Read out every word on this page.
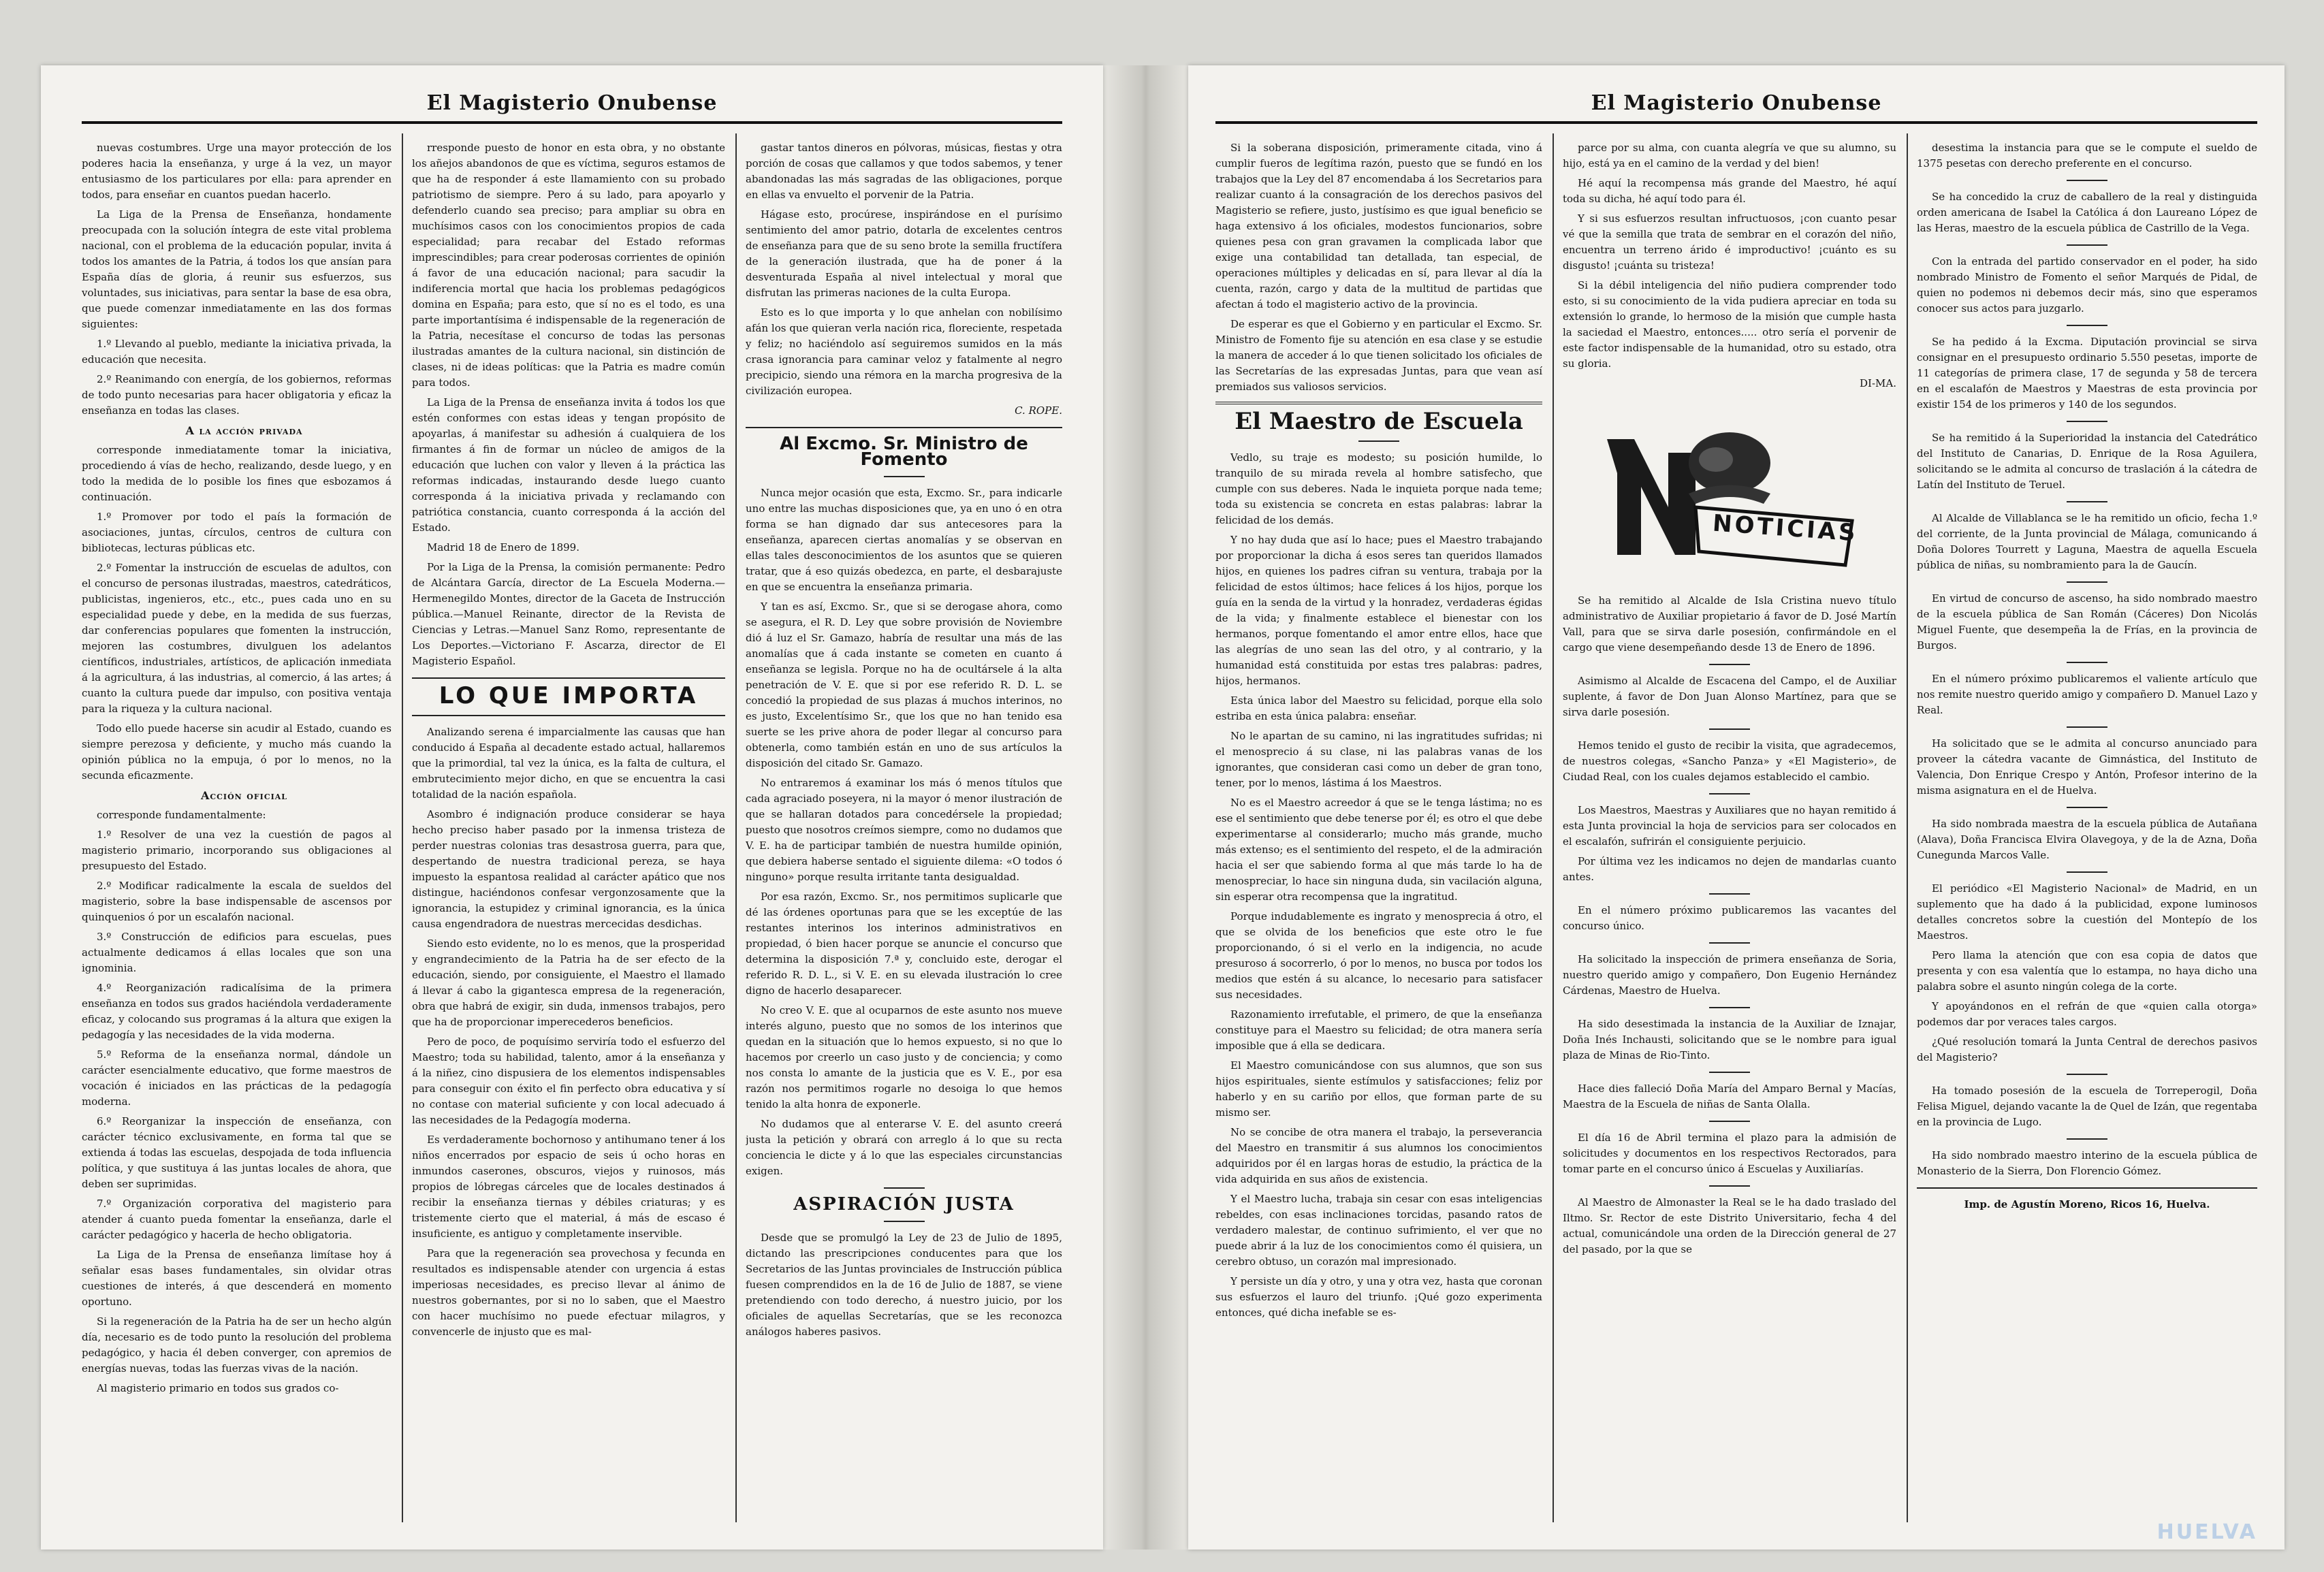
El Magisterio Onubense

nuevas costumbres. Urge una mayor protección de los poderes hacia la enseñanza, y urge á la vez, un mayor entusiasmo de los particulares por ella: para aprender en todos, para enseñar en cuantos puedan hacerlo.

La Liga de la Prensa de Enseñanza, hondamente preocupada con la solución íntegra de este vital problema nacional, con el problema de la educación popular, invita á todos los amantes de la Patria, á todos los que ansían para España días de gloria, á reunir sus esfuerzos, sus voluntades, sus iniciativas, para sentar la base de esa obra, que puede comenzar inmediatamente en las dos formas siguientes:

1.º Llevando al pueblo, mediante la iniciativa privada, la educación que necesita.

2.º Reanimando con energía, de los gobiernos, reformas de todo punto necesarias para hacer obligatoria y eficaz la enseñanza en todas las clases.

A la acción privada

corresponde inmediatamente tomar la iniciativa, procediendo á vías de hecho, realizando, desde luego, y en todo la medida de lo posible los fines que esbozamos á continuación.

1.º Promover por todo el país la formación de asociaciones, juntas, círculos, centros de cultura con bibliotecas, lecturas públicas etc.

2.º Fomentar la instrucción de escuelas de adultos, con el concurso de personas ilustradas, maestros, catedráticos, publicistas, ingenieros, etc., etc., pues cada uno en su especialidad puede y debe, en la medida de sus fuerzas, dar conferencias populares que fomenten la instrucción, mejoren las costumbres, divulguen los adelantos científicos, industriales, artísticos, de aplicación inmediata á la agricultura, á las industrias, al comercio, á las artes; á cuanto la cultura puede dar impulso, con positiva ventaja para la riqueza y la cultura nacional.

Todo ello puede hacerse sin acudir al Estado, cuando es siempre perezosa y deficiente, y mucho más cuando la opinión pública no la empuja, ó por lo menos, no la secunda eficazmente.

Acción oficial

corresponde fundamentalmente:

1.º Resolver de una vez la cuestión de pagos al magisterio primario, incorporando sus obligaciones al presupuesto del Estado.

2.º Modificar radicalmente la escala de sueldos del magisterio, sobre la base indispensable de ascensos por quinquenios ó por un escalafón nacional.

3.º Construcción de edificios para escuelas, pues actualmente dedicamos á ellas locales que son una ignominia.

4.º Reorganización radicalísima de la primera enseñanza en todos sus grados haciéndola verdaderamente eficaz, y colocando sus programas á la altura que exigen la pedagogía y las necesidades de la vida moderna.

5.º Reforma de la enseñanza normal, dándole un carácter esencialmente educativo, que forme maestros de vocación é iniciados en las prácticas de la pedagogía moderna.

6.º Reorganizar la inspección de enseñanza, con carácter técnico exclusivamente, en forma tal que se extienda á todas las escuelas, despojada de toda influencia política, y que sustituya á las juntas locales de ahora, que deben ser suprimidas.

7.º Organización corporativa del magisterio para atender á cuanto pueda fomentar la enseñanza, darle el carácter pedagógico y hacerla de hecho obligatoria.

La Liga de la Prensa de enseñanza limítase hoy á señalar esas bases fundamentales, sin olvidar otras cuestiones de interés, á que descenderá en momento oportuno.

Si la regeneración de la Patria ha de ser un hecho algún día, necesario es de todo punto la resolución del problema pedagógico, y hacia él deben converger, con apremios de energías nuevas, todas las fuerzas vivas de la nación.

Al magisterio primario en todos sus grados co-

rresponde puesto de honor en esta obra, y no obstante los añejos abandonos de que es víctima, seguros estamos de que ha de responder á este llamamiento con su probado patriotismo de siempre. Pero á su lado, para apoyarlo y defenderlo cuando sea preciso; para ampliar su obra en muchísimos casos con los conocimientos propios de cada especialidad; para recabar del Estado reformas imprescindibles; para crear poderosas corrientes de opinión á favor de una educación nacional; para sacudir la indiferencia mortal que hacia los problemas pedagógicos domina en España; para esto, que sí no es el todo, es una parte importantísima é indispensable de la regeneración de la Patria, necesítase el concurso de todas las personas ilustradas amantes de la cultura nacional, sin distinción de clases, ni de ideas políticas: que la Patria es madre común para todos.

La Liga de la Prensa de enseñanza invita á todos los que estén conformes con estas ideas y tengan propósito de apoyarlas, á manifestar su adhesión á cualquiera de los firmantes á fin de formar un núcleo de amigos de la educación que luchen con valor y lleven á la práctica las reformas indicadas, instaurando desde luego cuanto corresponda á la iniciativa privada y reclamando con patriótica constancia, cuanto corresponda á la acción del Estado.

Madrid 18 de Enero de 1899.

Por la Liga de la Prensa, la comisión permanente: Pedro de Alcántara García, director de La Escuela Moderna.—Hermenegildo Montes, director de la Gaceta de Instrucción pública.—Manuel Reinante, director de la Revista de Ciencias y Letras.—Manuel Sanz Romo, representante de Los Deportes.—Victoriano F. Ascarza, director de El Magisterio Español.

LO QUE IMPORTA

Analizando serena é imparcialmente las causas que han conducido á España al decadente estado actual, hallaremos que la primordial, tal vez la única, es la falta de cultura, el embrutecimiento mejor dicho, en que se encuentra la casi totalidad de la nación española.

Asombro é indignación produce considerar se haya hecho preciso haber pasado por la inmensa tristeza de perder nuestras colonias tras desastrosa guerra, para que, despertando de nuestra tradicional pereza, se haya impuesto la espantosa realidad al carácter apático que nos distingue, haciéndonos confesar vergonzosamente que la ignorancia, la estupidez y criminal ignorancia, es la única causa engendradora de nuestras mercecidas desdichas.

Siendo esto evidente, no lo es menos, que la prosperidad y engrandecimiento de la Patria ha de ser efecto de la educación, siendo, por consiguiente, el Maestro el llamado á llevar á cabo la gigantesca empresa de la regeneración, obra que habrá de exigir, sin duda, inmensos trabajos, pero que ha de proporcionar imperecederos beneficios.

Pero de poco, de poquísimo serviría todo el esfuerzo del Maestro; toda su habilidad, talento, amor á la enseñanza y á la niñez, cino dispusiera de los elementos indispensables para conseguir con éxito el fin perfecto obra educativa y sí no contase con material suficiente y con local adecuado á las necesidades de la Pedagogía moderna.

Es verdaderamente bochornoso y antihumano tener á los niños encerrados por espacio de seis ú ocho horas en inmundos caserones, obscuros, viejos y ruinosos, más propios de lóbregas cárceles que de locales destinados á recibir la enseñanza tiernas y débiles criaturas; y es tristemente cierto que el material, á más de escaso é insuficiente, es antiguo y completamente inservible.

Para que la regeneración sea provechosa y fecunda en resultados es indispensable atender con urgencia á estas imperiosas necesidades, es preciso llevar al ánimo de nuestros gobernantes, por si no lo saben, que el Maestro con hacer muchísimo no puede efectuar milagros, y convencerle de injusto que es mal-

gastar tantos dineros en pólvoras, músicas, fiestas y otra porción de cosas que callamos y que todos sabemos, y tener abandonadas las más sagradas de las obligaciones, porque en ellas va envuelto el porvenir de la Patria.

Hágase esto, procúrese, inspirándose en el purísimo sentimiento del amor patrio, dotarla de excelentes centros de enseñanza para que de su seno brote la semilla fructífera de la generación ilustrada, que ha de poner á la desventurada España al nivel intelectual y moral que disfrutan las primeras naciones de la culta Europa.

Esto es lo que importa y lo que anhelan con nobilísimo afán los que quieran verla nación rica, floreciente, respetada y feliz; no haciéndolo así seguiremos sumidos en la más crasa ignorancia para caminar veloz y fatalmente al negro precipicio, siendo una rémora en la marcha progresiva de la civilización europea.

C. ROPE.

Al Excmo. Sr. Ministro de Fomento

Nunca mejor ocasión que esta, Excmo. Sr., para indicarle uno entre las muchas disposiciones que, ya en uno ó en otra forma se han dignado dar sus antecesores para la enseñanza, aparecen ciertas anomalías y se observan en ellas tales desconocimientos de los asuntos que se quieren tratar, que á eso quizás obedezca, en parte, el desbarajuste en que se encuentra la enseñanza primaria.

Y tan es así, Excmo. Sr., que si se derogase ahora, como se asegura, el R. D. Ley que sobre provisión de Noviembre dió á luz el Sr. Gamazo, habría de resultar una más de las anomalías que á cada instante se cometen en cuanto á enseñanza se legisla. Porque no ha de ocultársele á la alta penetración de V. E. que si por ese referido R. D. L. se concedió la propiedad de sus plazas á muchos interinos, no es justo, Excelentísimo Sr., que los que no han tenido esa suerte se les prive ahora de poder llegar al concurso para obtenerla, como también están en uno de sus artículos la disposición del citado Sr. Gamazo.

No entraremos á examinar los más ó menos títulos que cada agraciado poseyera, ni la mayor ó menor ilustración de que se hallaran dotados para concedérsele la propiedad; puesto que nosotros creímos siempre, como no dudamos que V. E. ha de participar también de nuestra humilde opinión, que debiera haberse sentado el siguiente dilema: «O todos ó ninguno» porque resulta irritante tanta desigualdad.

Por esa razón, Excmo. Sr., nos permitimos suplicarle que dé las órdenes oportunas para que se les exceptúe de las restantes interinos los interinos administrativos en propiedad, ó bien hacer porque se anuncie el concurso que determina la disposición 7.ª y, concluido este, derogar el referido R. D. L., si V. E. en su elevada ilustración lo cree digno de hacerlo desaparecer.

No creo V. E. que al ocuparnos de este asunto nos mueve interés alguno, puesto que no somos de los interinos que quedan en la situación que lo hemos expuesto, si no que lo hacemos por creerlo un caso justo y de conciencia; y como nos consta lo amante de la justicia que es V. E., por esa razón nos permitimos rogarle no desoiga lo que hemos tenido la alta honra de exponerle.

No dudamos que al enterarse V. E. del asunto creerá justa la petición y obrará con arreglo á lo que su recta conciencia le dicte y á lo que las especiales circunstancias exigen.

ASPIRACIÓN JUSTA

Desde que se promulgó la Ley de 23 de Julio de 1895, dictando las prescripciones conducentes para que los Secretarios de las Juntas provinciales de Instrucción pública fuesen comprendidos en la de 16 de Julio de 1887, se viene pretendiendo con todo derecho, á nuestro juicio, por los oficiales de aquellas Secretarías, que se les reconozca análogos haberes pasivos.

El Magisterio Onubense

Si la soberana disposición, primeramente citada, vino á cumplir fueros de legítima razón, puesto que se fundó en los trabajos que la Ley del 87 encomendaba á los Secretarios para realizar cuanto á la consagración de los derechos pasivos del Magisterio se refiere, justo, justísimo es que igual beneficio se haga extensivo á los oficiales, modestos funcionarios, sobre quienes pesa con gran gravamen la complicada labor que exige una contabilidad tan detallada, tan especial, de operaciones múltiples y delicadas en sí, para llevar al día la cuenta, razón, cargo y data de la multitud de partidas que afectan á todo el magisterio activo de la provincia.

De esperar es que el Gobierno y en particular el Excmo. Sr. Ministro de Fomento fije su atención en esa clase y se estudie la manera de acceder á lo que tienen solicitado los oficiales de las Secretarías de las expresadas Juntas, para que vean así premiados sus valiosos servicios.

El Maestro de Escuela

Vedlo, su traje es modesto; su posición humilde, lo tranquilo de su mirada revela al hombre satisfecho, que cumple con sus deberes. Nada le inquieta porque nada teme; toda su existencia se concreta en estas palabras: labrar la felicidad de los demás.

Y no hay duda que así lo hace; pues el Maestro trabajando por proporcionar la dicha á esos seres tan queridos llamados hijos, en quienes los padres cifran su ventura, trabaja por la felicidad de estos últimos; hace felices á los hijos, porque los guía en la senda de la virtud y la honradez, verdaderas égidas de la vida; y finalmente establece el bienestar con los hermanos, porque fomentando el amor entre ellos, hace que las alegrías de uno sean las del otro, y al contrario, y la humanidad está constituida por estas tres palabras: padres, hijos, hermanos.

Esta única labor del Maestro su felicidad, porque ella solo estriba en esta única palabra: enseñar.

No le apartan de su camino, ni las ingratitudes sufridas; ni el menosprecio á su clase, ni las palabras vanas de los ignorantes, que consideran casi como un deber de gran tono, tener, por lo menos, lástima á los Maestros.

No es el Maestro acreedor á que se le tenga lástima; no es ese el sentimiento que debe tenerse por él; es otro el que debe experimentarse al considerarlo; mucho más grande, mucho más extenso; es el sentimiento del respeto, el de la admiración hacia el ser que sabiendo forma al que más tarde lo ha de menospreciar, lo hace sin ninguna duda, sin vacilación alguna, sin esperar otra recompensa que la ingratitud.

Porque indudablemente es ingrato y menosprecia á otro, el que se olvida de los beneficios que este otro le fue proporcionando, ó si el verlo en la indigencia, no acude presuroso á socorrerlo, ó por lo menos, no busca por todos los medios que estén á su alcance, lo necesario para satisfacer sus necesidades.

Razonamiento irrefutable, el primero, de que la enseñanza constituye para el Maestro su felicidad; de otra manera sería imposible que á ella se dedicara.

El Maestro comunicándose con sus alumnos, que son sus hijos espirituales, siente estímulos y satisfacciones; feliz por haberlo y en su cariño por ellos, que forman parte de su mismo ser.

No se concibe de otra manera el trabajo, la perseverancia del Maestro en transmitir á sus alumnos los conocimientos adquiridos por él en largas horas de estudio, la práctica de la vida adquirida en sus años de existencia.

Y el Maestro lucha, trabaja sin cesar con esas inteligencias rebeldes, con esas inclinaciones torcidas, pasando ratos de verdadero malestar, de continuo sufrimiento, el ver que no puede abrir á la luz de los conocimientos como él quisiera, un cerebro obtuso, un corazón mal impresionado.

Y persiste un día y otro, y una y otra vez, hasta que coronan sus esfuerzos el lauro del triunfo. ¡Qué gozo experimenta entonces, qué dicha inefable se es-

parce por su alma, con cuanta alegría ve que su alumno, su hijo, está ya en el camino de la verdad y del bien!

Hé aquí la recompensa más grande del Maestro, hé aquí toda su dicha, hé aquí todo para él.

Y si sus esfuerzos resultan infructuosos, ¡con cuanto pesar vé que la semilla que trata de sembrar en el corazón del niño, encuentra un terreno árido é improductivo! ¡cuánto es su disgusto! ¡cuánta su tristeza!

Si la débil inteligencia del niño pudiera comprender todo esto, si su conocimiento de la vida pudiera apreciar en toda su extensión lo grande, lo hermoso de la misión que cumple hasta la saciedad el Maestro, entonces..... otro sería el porvenir de este factor indispensable de la humanidad, otro su estado, otra su gloria.

DI-MA.

NOTICIAS

Se ha remitido al Alcalde de Isla Cristina nuevo título administrativo de Auxiliar propietario á favor de D. José Martín Vall, para que se sirva darle posesión, confirmándole en el cargo que viene desempeñando desde 13 de Enero de 1896.

Asimismo al Alcalde de Escacena del Campo, el de Auxiliar suplente, á favor de Don Juan Alonso Martínez, para que se sirva darle posesión.

Hemos tenido el gusto de recibir la visita, que agradecemos, de nuestros colegas, «Sancho Panza» y «El Magisterio», de Ciudad Real, con los cuales dejamos establecido el cambio.

Los Maestros, Maestras y Auxiliares que no hayan remitido á esta Junta provincial la hoja de servicios para ser colocados en el escalafón, sufrirán el consiguiente perjuicio.

Por última vez les indicamos no dejen de mandarlas cuanto antes.

En el número próximo publicaremos las vacantes del concurso único.

Ha solicitado la inspección de primera enseñanza de Soria, nuestro querido amigo y compañero, Don Eugenio Hernández Cárdenas, Maestro de Huelva.

Ha sido desestimada la instancia de la Auxiliar de Iznajar, Doña Inés Inchausti, solicitando que se le nombre para igual plaza de Minas de Rio-Tinto.

Hace dies falleció Doña María del Amparo Bernal y Macías, Maestra de la Escuela de niñas de Santa Olalla.

El día 16 de Abril termina el plazo para la admisión de solicitudes y documentos en los respectivos Rectorados, para tomar parte en el concurso único á Escuelas y Auxiliarías.

Al Maestro de Almonaster la Real se le ha dado traslado del Iltmo. Sr. Rector de este Distrito Universitario, fecha 4 del actual, comunicándole una orden de la Dirección general de 27 del pasado, por la que se

desestima la instancia para que se le compute el sueldo de 1375 pesetas con derecho preferente en el concurso.

Se ha concedido la cruz de caballero de la real y distinguida orden americana de Isabel la Católica á don Laureano López de las Heras, maestro de la escuela pública de Castrillo de la Vega.

Con la entrada del partido conservador en el poder, ha sido nombrado Ministro de Fomento el señor Marqués de Pidal, de quien no podemos ni debemos decir más, sino que esperamos conocer sus actos para juzgarlo.

Se ha pedido á la Excma. Diputación provincial se sirva consignar en el presupuesto ordinario 5.550 pesetas, importe de 11 categorías de primera clase, 17 de segunda y 58 de tercera en el escalafón de Maestros y Maestras de esta provincia por existir 154 de los primeros y 140 de los segundos.

Se ha remitido á la Superioridad la instancia del Catedrático del Instituto de Canarias, D. Enrique de la Rosa Aguilera, solicitando se le admita al concurso de traslación á la cátedra de Latín del Instituto de Teruel.

Al Alcalde de Villablanca se le ha remitido un oficio, fecha 1.º del corriente, de la Junta provincial de Málaga, comunicando á Doña Dolores Tourrett y Laguna, Maestra de aquella Escuela pública de niñas, su nombramiento para la de Gaucín.

En virtud de concurso de ascenso, ha sido nombrado maestro de la escuela pública de San Román (Cáceres) Don Nicolás Miguel Fuente, que desempeña la de Frías, en la provincia de Burgos.

En el número próximo publicaremos el valiente artículo que nos remite nuestro querido amigo y compañero D. Manuel Lazo y Real.

Ha solicitado que se le admita al concurso anunciado para proveer la cátedra vacante de Gimnástica, del Instituto de Valencia, Don Enrique Crespo y Antón, Profesor interino de la misma asignatura en el de Huelva.

Ha sido nombrada maestra de la escuela pública de Autañana (Alava), Doña Francisca Elvira Olavegoya, y de la de Azna, Doña Cunegunda Marcos Valle.

El periódico «El Magisterio Nacional» de Madrid, en un suplemento que ha dado á la publicidad, expone luminosos detalles concretos sobre la cuestión del Montepío de los Maestros.

Pero llama la atención que con esa copia de datos que presenta y con esa valentía que lo estampa, no haya dicho una palabra sobre el asunto ningún colega de la corte.

Y apoyándonos en el refrán de que «quien calla otorga» podemos dar por veraces tales cargos.

¿Qué resolución tomará la Junta Central de derechos pasivos del Magisterio?

Ha tomado posesión de la escuela de Torreperogil, Doña Felisa Miguel, dejando vacante la de Quel de Izán, que regentaba en la provincia de Lugo.

Ha sido nombrado maestro interino de la escuela pública de Monasterio de la Sierra, Don Florencio Gómez.

Imp. de Agustín Moreno, Ricos 16, Huelva.

HUELVA
